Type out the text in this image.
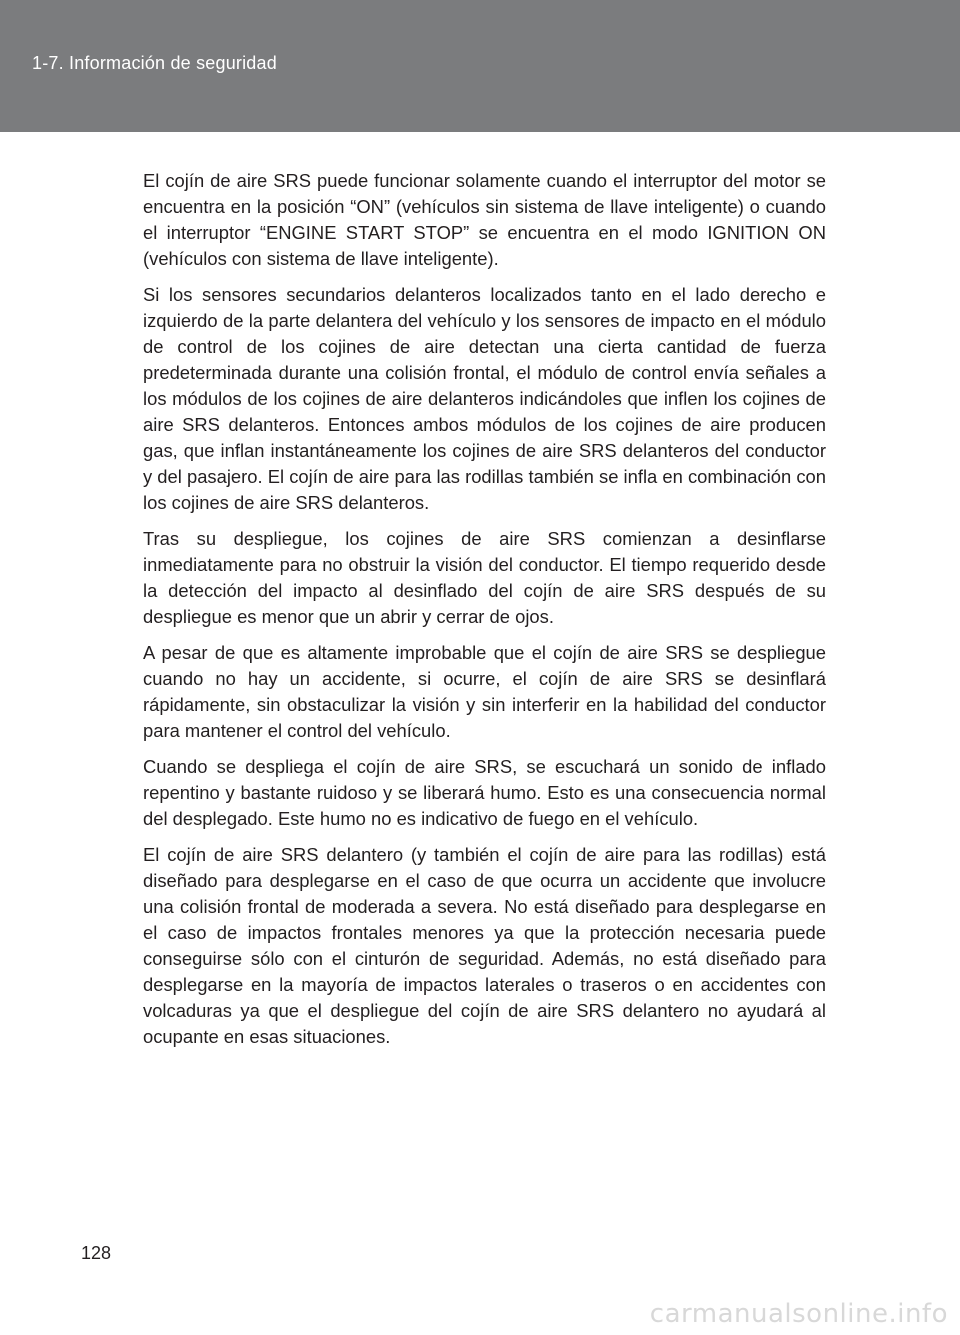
1-7. Información de seguridad

El cojín de aire SRS puede funcionar solamente cuando el interruptor del motor se encuentra en la posición “ON” (vehículos sin sistema de llave inteligente) o cuando el interruptor “ENGINE START STOP” se encuentra en el modo IGNITION ON (vehículos con sistema de llave inteligente).

Si los sensores secundarios delanteros localizados tanto en el lado derecho e izquierdo de la parte delantera del vehículo y los sensores de impacto en el módulo de control de los cojines de aire detectan una cierta cantidad de fuerza predeterminada durante una colisión frontal, el módulo de control envía señales a los módulos de los cojines de aire delanteros indicándoles que inflen los cojines de aire SRS delanteros. Entonces ambos módulos de los cojines de aire producen gas, que inflan instantáneamente los cojines de aire SRS delanteros del conductor y del pasajero. El cojín de aire para las rodillas también se infla en combinación con los cojines de aire SRS delanteros.

Tras su despliegue, los cojines de aire SRS comienzan a desinflarse inmediatamente para no obstruir la visión del conductor. El tiempo requerido desde la detección del impacto al desinflado del cojín de aire SRS después de su despliegue es menor que un abrir y cerrar de ojos.

A pesar de que es altamente improbable que el cojín de aire SRS se despliegue cuando no hay un accidente, si ocurre, el cojín de aire SRS se desinflará rápidamente, sin obstaculizar la visión y sin interferir en la habilidad del conductor para mantener el control del vehículo.

Cuando se despliega el cojín de aire SRS, se escuchará un sonido de inflado repentino y bastante ruidoso y se liberará humo. Esto es una consecuencia normal del desplegado. Este humo no es indicativo de fuego en el vehículo.

El cojín de aire SRS delantero (y también el cojín de aire para las rodillas) está diseñado para desplegarse en el caso de que ocurra un accidente que involucre una colisión frontal de moderada a severa. No está diseñado para desplegarse en el caso de impactos frontales menores ya que la protección necesaria puede conseguirse sólo con el cinturón de seguridad. Además, no está diseñado para desplegarse en la mayoría de impactos laterales o traseros o en accidentes con volcaduras ya que el despliegue del cojín de aire SRS delantero no ayudará al ocupante en esas situaciones.

128
carmanualsonline.info
